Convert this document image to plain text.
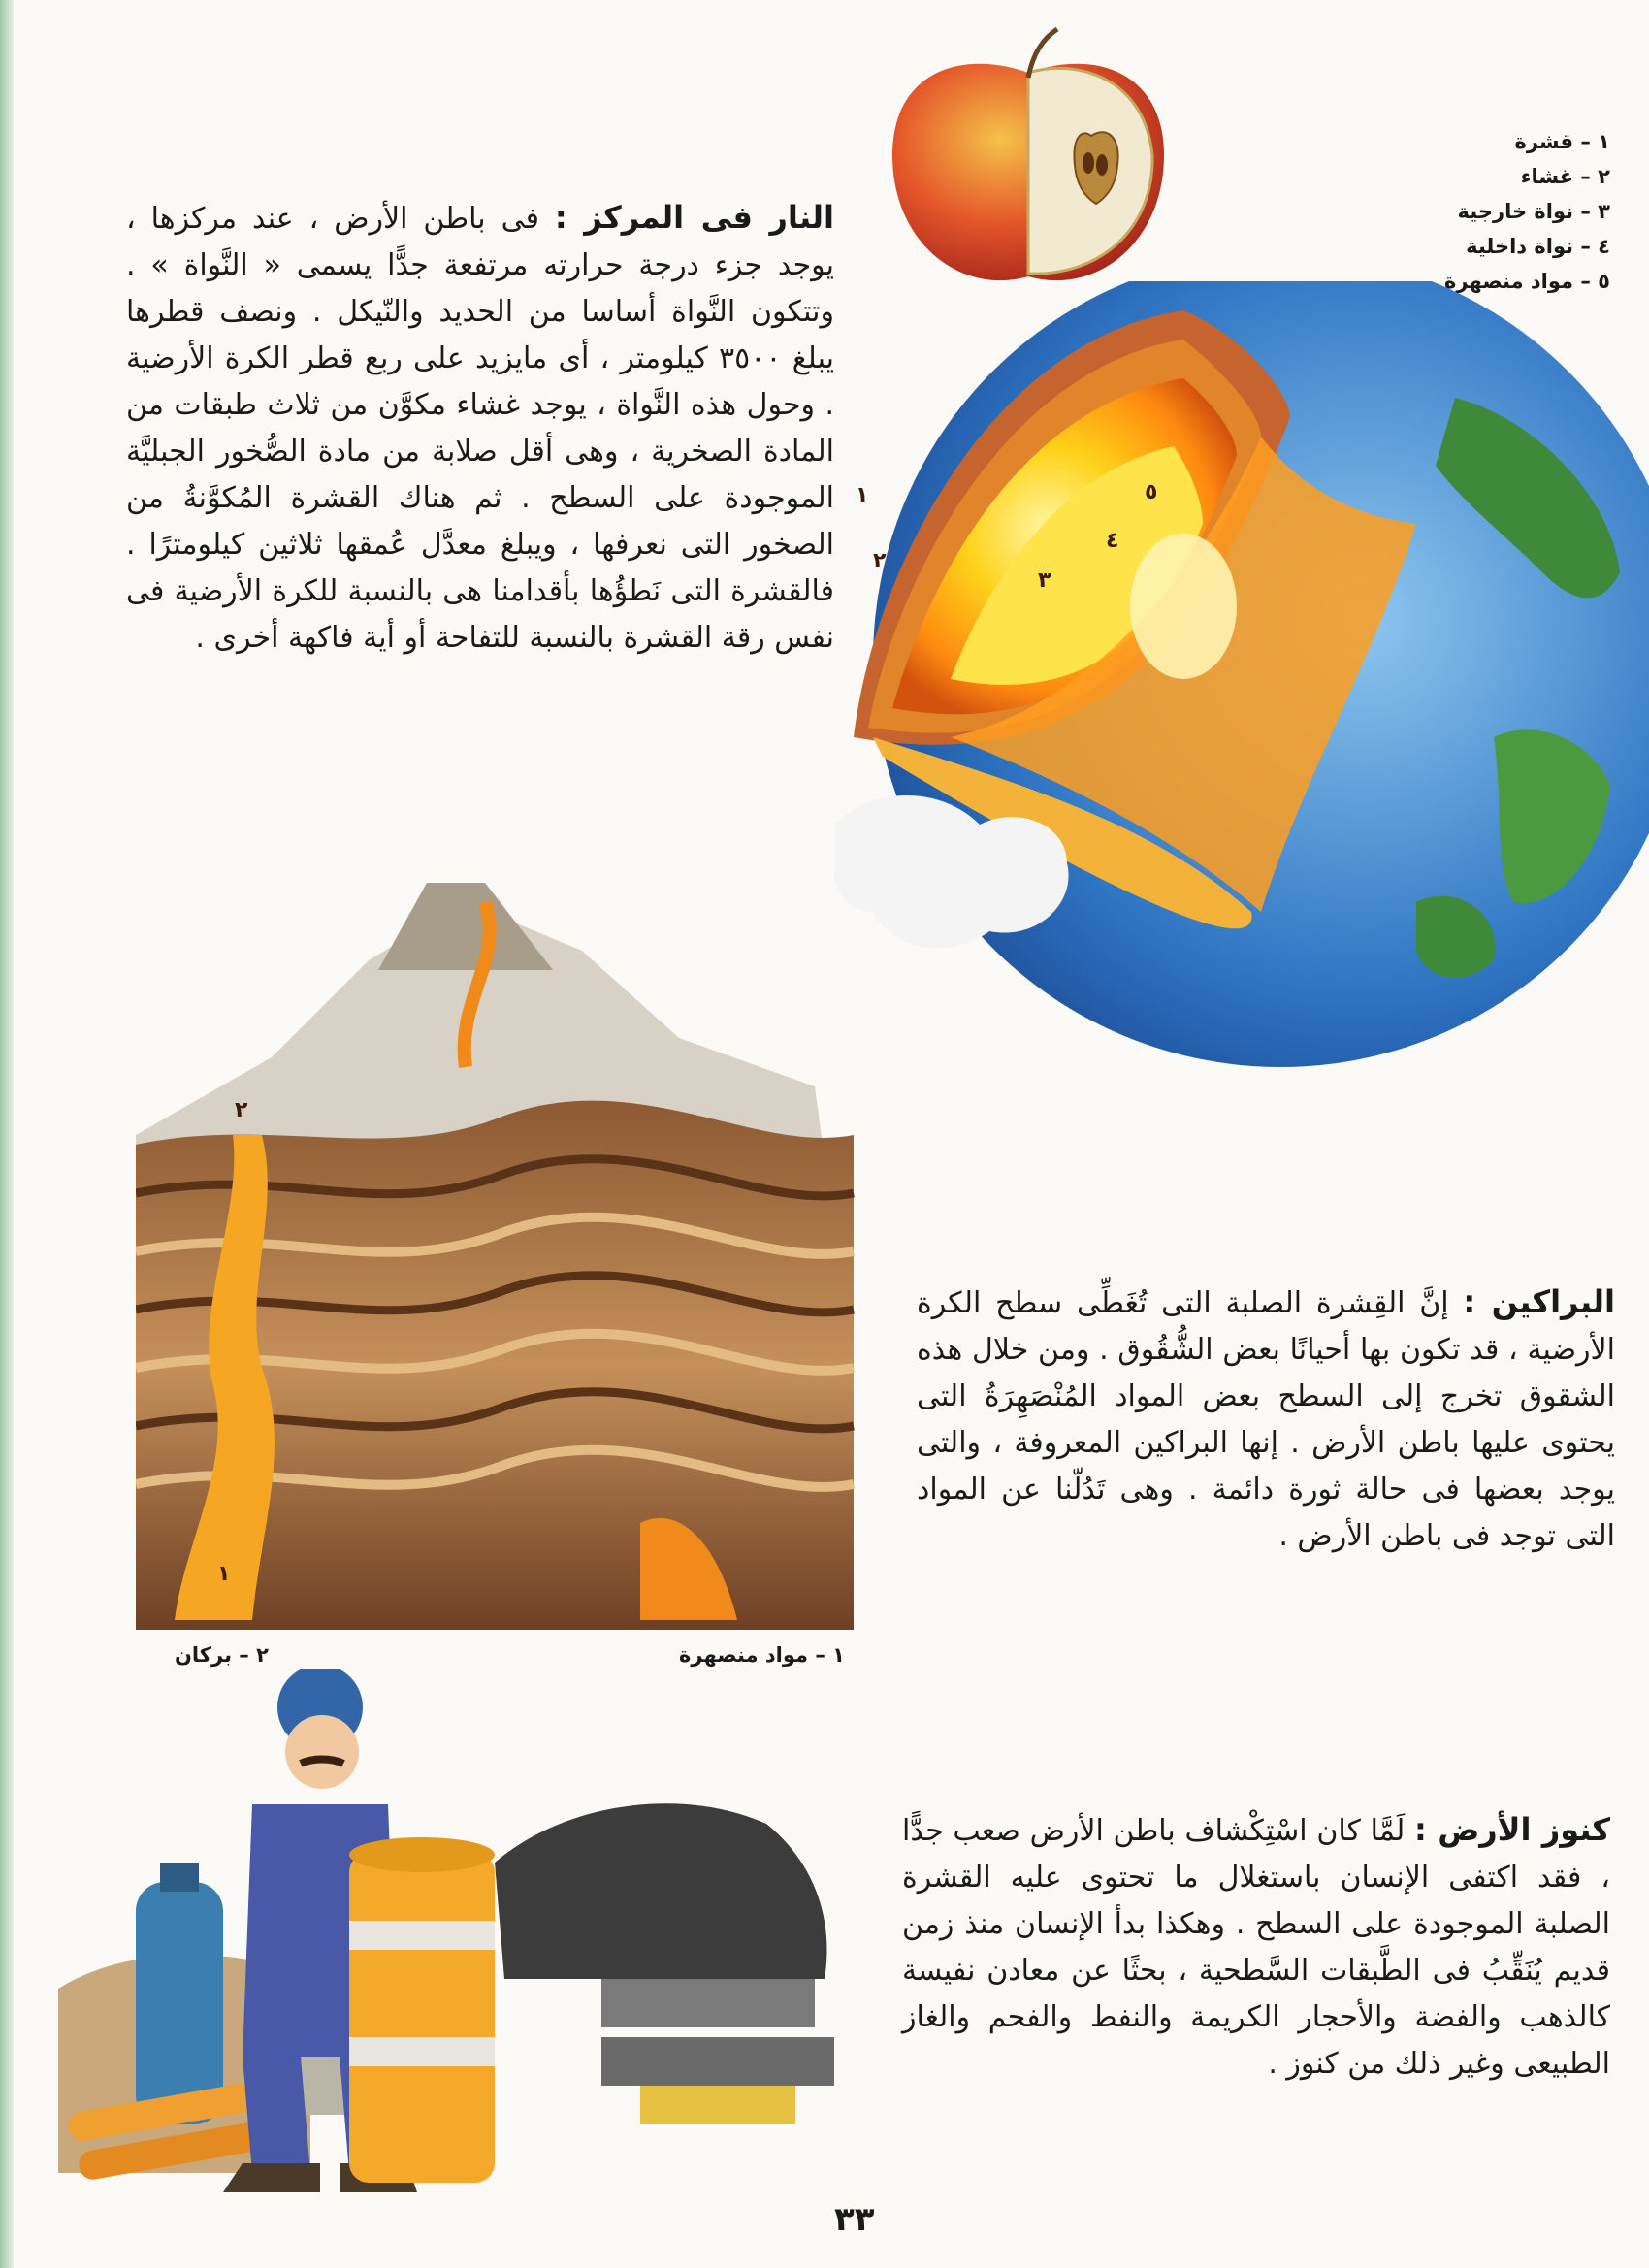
١ – قشرة
٢ – غشاء
٣ – نواة خارجية
٤ – نواة داخلية
٥ – مواد منصهرة
النار فى المركز : فى باطن الأرض ، عند مركزها ، يوجد جزء درجة حرارته مرتفعة جدًّا يسمى « النَّواة » . وتتكون النَّواة أساسا من الحديد والنّيكل . ونصف قطرها يبلغ ٣٥٠٠ كيلومتر ، أى مايزيد على ربع قطر الكرة الأرضية . وحول هذه النَّواة ، يوجد غشاء مكوَّن من ثلاث طبقات من المادة الصخرية ، وهى أقل صلابة من مادة الصُّخور الجبليَّة الموجودة على السطح . ثم هناك القشرة المُكوَّنةُ من الصخور التى نعرفها ، ويبلغ معدَّل عُمقها ثلاثين كيلومترًا . فالقشرة التى نَطؤُها بأقدامنا هى بالنسبة للكرة الأرضية فى نفس رقة القشرة بالنسبة للتفاحة أو أية فاكهة أخرى .
١
٢
٣
٤
٥
١
٢
١ – مواد منصهرة
٢ – بركان
البراكين : إنَّ القِشرة الصلبة التى تُغَطِّى سطح الكرة الأرضية ، قد تكون بها أحيانًا بعض الشُّقُوق . ومن خلال هذه الشقوق تخرج إلى السطح بعض المواد المُنْصَهِرَةُ التى يحتوى عليها باطن الأرض . إنها البراكين المعروفة ، والتى يوجد بعضها فى حالة ثورة دائمة . وهى تَدُلّنا عن المواد التى توجد فى باطن الأرض .
كنوز الأرض : لَمَّا كان اسْتِكْشاف باطن الأرض صعب جدًّا ، فقد اكتفى الإنسان باستغلال ما تحتوى عليه القشرة الصلبة الموجودة على السطح . وهكذا بدأ الإنسان منذ زمن قديم يُنَقِّبُ فى الطَّبقات السَّطحية ، بحثًا عن معادن نفيسة كالذهب والفضة والأحجار الكريمة والنفط والفحم والغاز الطبيعى وغير ذلك من كنوز .
٣٣
